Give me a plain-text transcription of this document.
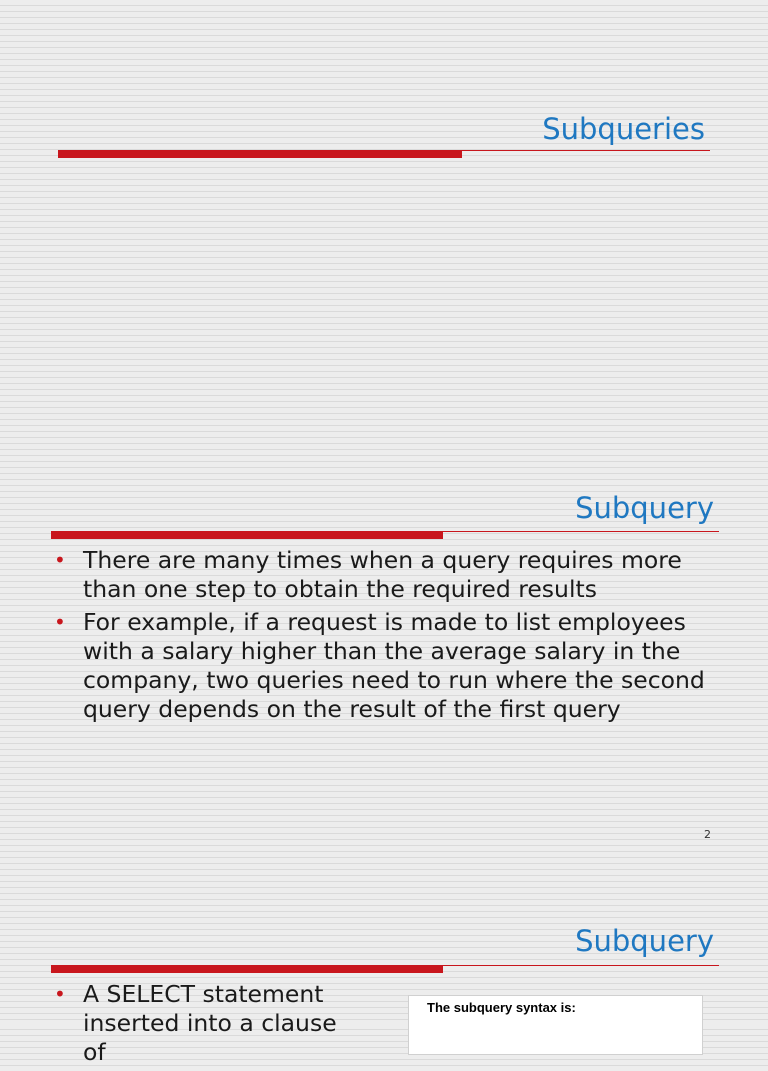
Subqueries
Subquery
• There are many times when a query requires more than one step to obtain the required results
• For example, if a request is made to list employees with a salary higher than the average salary in the company, two queries need to run where the second query depends on the result of the first query
2
Subquery
• A SELECT statement inserted into a clause of
The subquery syntax is:
